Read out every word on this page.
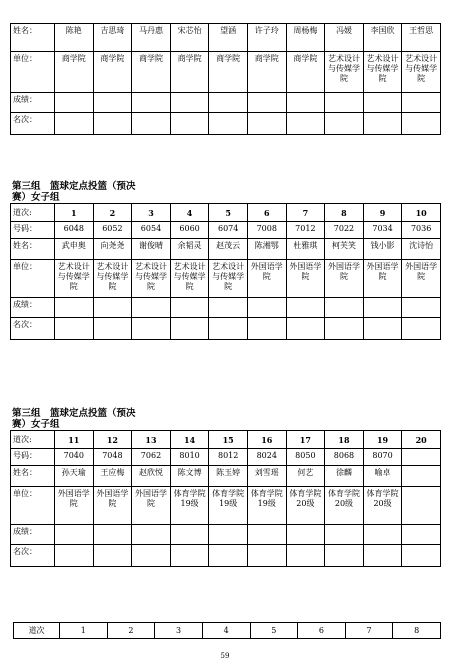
姓名：	陈艳	吉思琦	马丹惠	宋芯怡	望涵	许子玲	周杨梅	冯媛	李国欣	王哲思
单位：	商学院	商学院	商学院	商学院	商学院	商学院	商学院	艺术设计与传媒学院	艺术设计与传媒学院	艺术设计与传媒学院
成绩：										
名次：										
第三组　篮球定点投篮（预决
赛）女子组
道次:	1	2	3	4	5	6	7	8	9	10
号码：	6048	6052	6054	6060	6074	7008	7012	7022	7034	7036
姓名：	武申奥	向尧尧	谢俊晴	余韬灵	赵茂云	陈湘鄂	杜雅琪	柯芙笑	钱小影	沈诗怡
单位：	艺术设计与传媒学院	艺术设计与传媒学院	艺术设计与传媒学院	艺术设计与传媒学院	艺术设计与传媒学院	外国语学院	外国语学院	外国语学院	外国语学院	外国语学院
成绩：										
名次：										
第三组　篮球定点投篮（预决
赛）女子组
道次:	11	12	13	14	15	16	17	18	19	20
号码：	7040	7048	7062	8010	8012	8024	8050	8068	8070	
姓名：	孙天瑜	王应梅	赵欣悦	陈文博	陈玉婷	刘雪瑶	何艺	徐麟	喻卓	
单位：	外国语学院	外国语学院	外国语学院	体育学院19级	体育学院19级	体育学院19级	体育学院20级	体育学院20级	体育学院20级	
成绩：										
名次：										
道次	1	2	3	4	5	6	7	8
59
